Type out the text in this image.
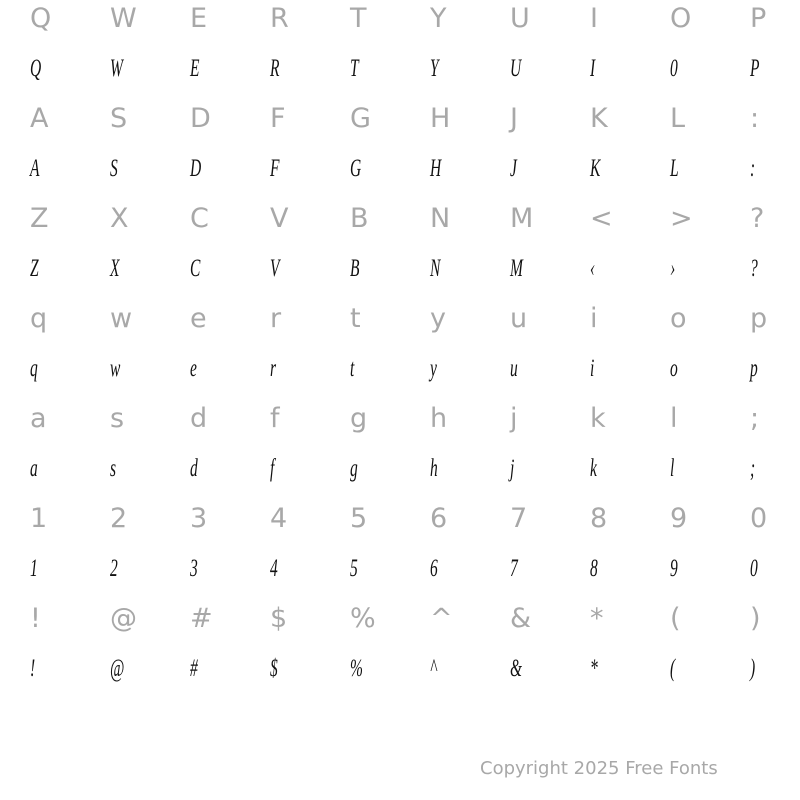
Q W E R T Y U I	O P
Q	W	E	R	T	Y	U	I	0	P
A S D F G H J	K L :
A	S	D	F	G	H	J	K	L	:
Z X C V B N M < > ?
Z	X	C	V	B	N	M	‹	›	?
q w e r	t	y u i	o p
q	w	e	r	t	y	u	i	o	p
a s d f	g h j	k l	;
a	s	d	f	g	h	j	k	l	;
1 2 3 4 5 6 7 8 9 0
1	2	3	4	5	6	7	8	9	0
!	@ # $ % ^ & * (	)
!	@	#	$	%	^	&	*	(	)
Copyright 2025 Free Fonts
